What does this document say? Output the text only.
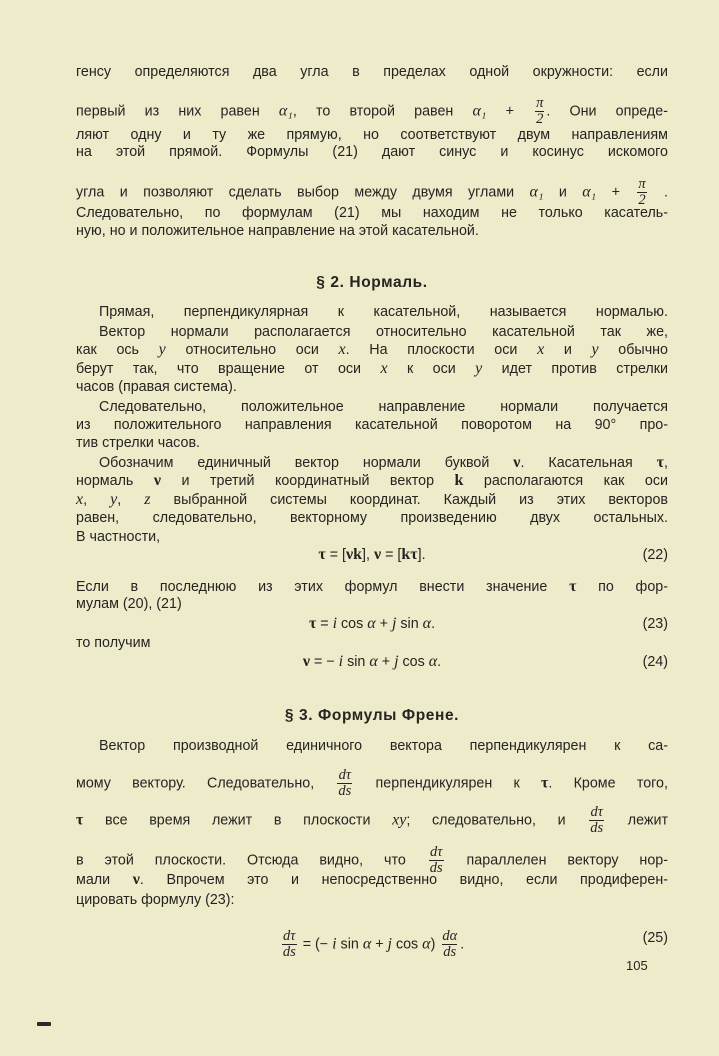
105
генсу определяются два угла в пределах одной окружности: если
первый из них равен α₁, то второй равен $\alpha_1 + \frac{\pi}{2}$ . Они опреде-
ляют одну и ту же прямую, но соответствуют двум направлениям
на этой прямой. Формулы (21) дают синус и косинус искомого
угла и позволяют сделать выбор между двумя углами α₁ и $\alpha_1 + \frac{\pi}{2}$ .
Следовательно, по формулам (21) мы находим не только касатель-
ную, но и положительное направление на этой касательной.
§ 2. Нормаль.
Прямая, перпендикулярная к касательной, называется нормалью.
Вектор нормали располагается относительно касательной так же,
как ось y относительно оси x. На плоскости оси x и y обычно
берут так, что вращение от оси x к оси y идет против стрелки
часов (правая система).
Следовательно, положительное направление нормали получается
из положительного направления касательной поворотом на 90° про-
тив стрелки часов.
Обозначим единичный вектор нормали буквой ν. Касательная τ,
нормаль ν и третий координатный вектор k располагаются как оси
x, y, z выбранной системы координат. Каждый из этих векторов
равен, следовательно, векторному произведению двух остальных.
В частности,
τ = [νk], ν = [kτ].	(22)
Если в последнюю из этих формул внести значение τ по фор-
мулам (20), (21)
τ = i cos α + j sin α.	(23)
то получим
ν = − i sin α + j cos α.	(24)
§ 3. Формулы Френе.
Вектор производной единичного вектора перпендикулярен к са-
мому вектору. Следовательно, $\frac{d\tau}{ds}$ перпендикулярен к τ. Кроме того,
τ все время лежит в плоскости xy; следовательно, и $\frac{d\tau}{ds}$ лежит
в этой плоскости. Отсюда видно, что $\frac{d\tau}{ds}$ параллелен вектору нор-
мали ν. Впрочем это и непосредственно видно, если продиферен-
цировать формулу (23):
$\frac{d\tau}{ds}$ = (− i sin α + j $\cos \alpha) \frac{d\alpha}{ds}$ .	(25)
